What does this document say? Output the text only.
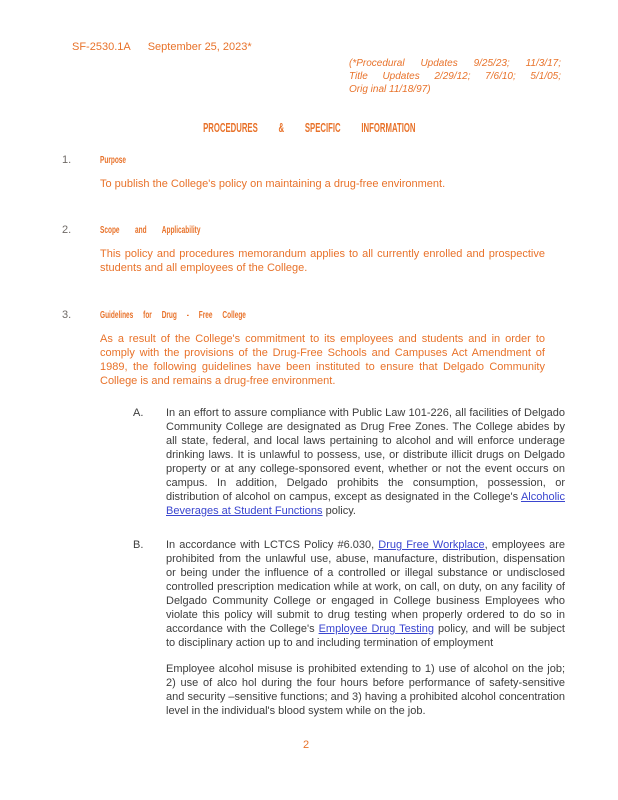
SF-2530.1A September 25, 2023*
(*Procedural Updates 9/25/23; 11/3/17;
Title Updates 2/29/12; 7/6/10; 5/1/05;
Orig inal 11/18/97)
PROCEDURES & SPECIFIC INFORMATION
1.	Purpose

To publish the College's policy on maintaining a drug-free environment.

2.	Scope and Applicability

This policy and procedures memorandum applies to all currently enrolled and prospective students and all employees of the College.

3.	Guidelines for Drug - Free College

As a result of the College's commitment to its employees and students and in order to comply with the provisions of the Drug-Free Schools and Campuses Act Amendment of 1989, the following guidelines have been instituted to ensure that Delgado Community College is and remains a drug-free environment.

A.	In an effort to assure compliance with Public Law 101-226, all facilities of Delgado Community College are designated as Drug Free Zones. The College abides by all state, federal, and local laws pertaining to alcohol and will enforce underage drinking laws. It is unlawful to possess, use, or distribute illicit drugs on Delgado property or at any college-sponsored event, whether or not the event occurs on campus. In addition, Delgado prohibits the consumption, possession, or distribution of alcohol on campus, except as designated in the College's Alcoholic Beverages at Student Functions policy.

B.	In accordance with LCTCS Policy #6.030, Drug Free Workplace, employees are prohibited from the unlawful use, abuse, manufacture, distribution, dispensation or being under the influence of a controlled or illegal substance or undisclosed controlled prescription medication while at work, on call, on duty, on any facility of Delgado Community College or engaged in College business Employees who violate this policy will submit to drug testing when properly ordered to do so in accordance with the College's Employee Drug Testing policy, and will be subject to disciplinary action up to and including termination of employment

Employee alcohol misuse is prohibited extending to 1) use of alcohol on the job; 2) use of alco hol during the four hours before performance of safety-sensitive and security –sensitive functions; and 3) having a prohibited alcohol concentration level in the individual's blood system while on the job.

2
